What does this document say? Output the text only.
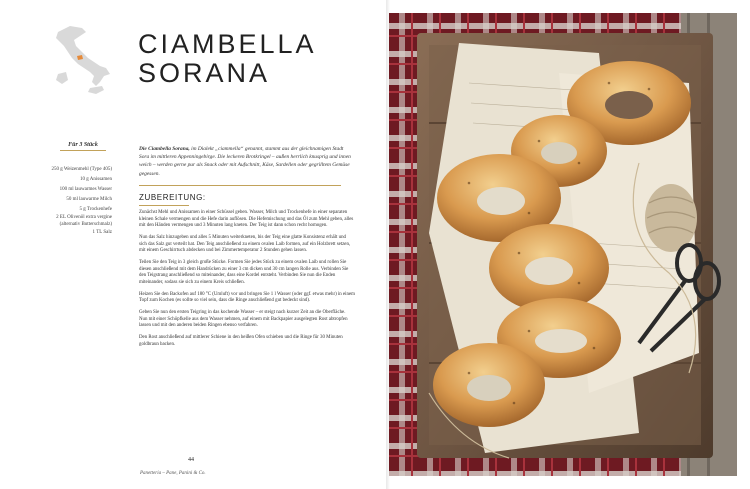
CIAMBELLA
SORANA
Für 3 Stück
250 g Weizenmehl (Type 405)
10 g Anissamen
100 ml lauwarmes Wasser
50 ml lauwarme Milch
5 g Trockenhefe
2 EL Olivenöl extra vergine
(alternativ Butterschmalz)
1 TL Salz

Die Ciambella Sorana, im Dialekt „ciammella“ genannt, stammt aus der gleichnamigen Stadt Sora im mittleren Appenningebirge. Die leckeren Brotkringel – außen herrlich knusprig und innen weich – werden gerne pur als Snack oder mit Aufschnitt, Käse, Sardellen oder gegrilltem Gemüse gegessen.

ZUBEREITUNG:

Zunächst Mehl und Anissamen in einer Schüssel geben. Wasser, Milch und Trockenhefe in einer separaten kleinen Schale vermengen und die Hefe darin auflösen. Die Hefemischung und das Öl zum Mehl geben, alles mit den Händen vermengen und 3 Minuten lang kneten. Der Teig ist dann schon recht homogen.

Nun das Salz hinzugeben und alles 5 Minuten weiterkneten, bis der Teig eine glatte Konsistenz erhält und sich das Salz gut verteilt hat. Den Teig anschließend zu einem ovalen Laib formen, auf ein Holzbrett setzen, mit einem Geschirrtuch abdecken und bei Zimmertemperatur 2 Stunden gehen lassen.

Teilen Sie den Teig in 3 gleich große Stücke. Formen Sie jedes Stück zu einem ovalen Laib und rollen Sie diesen anschließend mit dem Handrücken zu einer 3 cm dicken und 30 cm langen Rolle aus. Verbinden Sie den Teigstrang anschließend so miteinander, dass eine Kordel entsteht. Verbinden Sie nun die Enden miteinander, sodass sie sich zu einem Kreis schließen.

Heizen Sie den Backofen auf 180 °C (Umluft) vor und bringen Sie 1 l Wasser (oder ggf. etwas mehr) in einem Topf zum Kochen (es sollte so viel sein, dass die Ringe anschließend gut bedeckt sind).

Geben Sie nun den ersten Teigring in das kochende Wasser – er steigt nach kurzer Zeit an die Oberfläche. Nun mit einer Schöpfkelle aus dem Wasser nehmen, auf einem mit Backpapier ausgelegten Rost abtropfen lassen und mit den anderen beiden Ringen ebenso verfahren.

Den Rost anschließend auf mittlerer Schiene in den heißen Ofen schieben und die Ringe für 30 Minuten goldbraun backen.

44

Panetteria – Pane, Panini & Co.
